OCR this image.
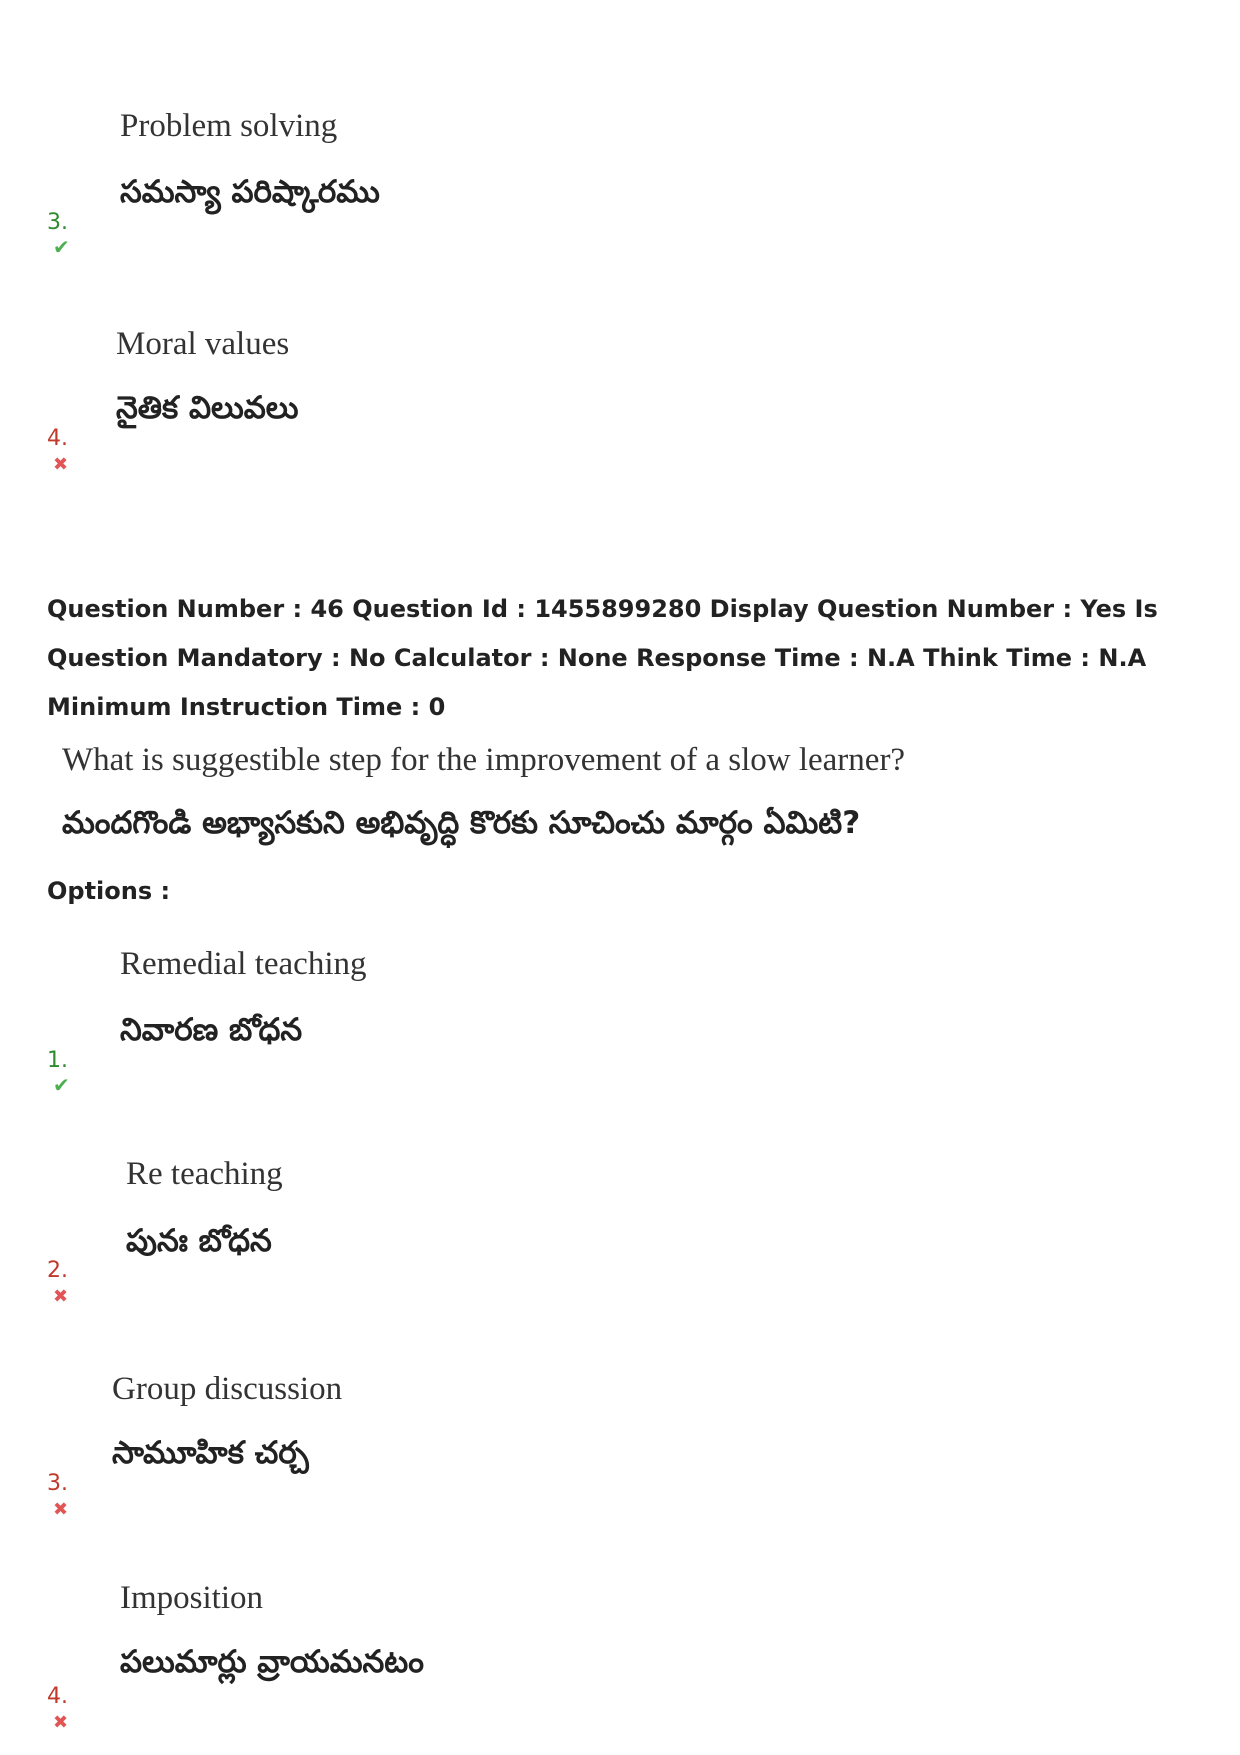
Problem solving
సమస్యా పరిష్కారము
3.✔
Moral values
నైతిక విలువలు
4.✖
Question Number : 46 Question Id : 1455899280 Display Question Number : Yes Is Question Mandatory : No Calculator : None Response Time : N.A Think Time : N.A Minimum Instruction Time : 0
What is suggestible step for the improvement of a slow learner?
మందగొండి అభ్యాసకుని అభివృద్ధి కొరకు సూచించు మార్గం ఏమిటి?
Options :
Remedial teaching
నివారణ బోధన
1.✔
Re teaching
పునః బోధన
2.✖
Group discussion
సామూహిక చర్చ
3.✖
Imposition
పలుమార్లు వ్రాయమనటం
4.✖
